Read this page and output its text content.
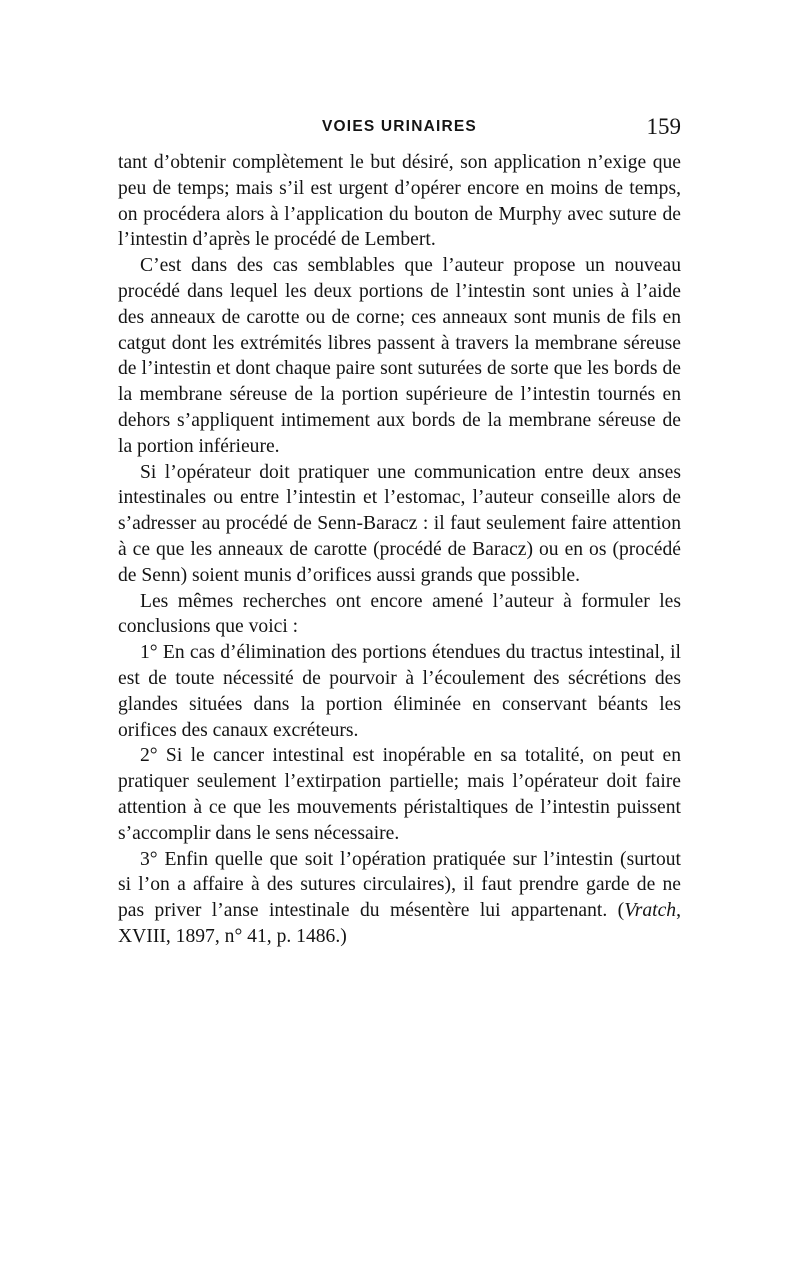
VOIES URINAIRES	159

tant d’obtenir complètement le but désiré, son application n’exige que peu de temps; mais s’il est urgent d’opérer encore en moins de temps, on procédera alors à l’application du bouton de Murphy avec suture de l’intestin d’après le procédé de Lembert.

C’est dans des cas semblables que l’auteur propose un nouveau procédé dans lequel les deux portions de l’intestin sont unies à l’aide des anneaux de carotte ou de corne; ces anneaux sont munis de fils en catgut dont les extrémités libres passent à travers la membrane séreuse de l’intestin et dont chaque paire sont suturées de sorte que les bords de la membrane séreuse de la portion supérieure de l’intestin tournés en dehors s’appliquent intimement aux bords de la membrane séreuse de la portion inférieure.

Si l’opérateur doit pratiquer une communication entre deux anses intestinales ou entre l’intestin et l’estomac, l’auteur conseille alors de s’adresser au procédé de Senn-Baracz : il faut seulement faire attention à ce que les anneaux de carotte (procédé de Baracz) ou en os (procédé de Senn) soient munis d’orifices aussi grands que possible.

Les mêmes recherches ont encore amené l’auteur à formuler les conclusions que voici :

1° En cas d’élimination des portions étendues du tractus intestinal, il est de toute nécessité de pourvoir à l’écoulement des sécrétions des glandes situées dans la portion éliminée en conservant béants les orifices des canaux excréteurs.

2° Si le cancer intestinal est inopérable en sa totalité, on peut en pratiquer seulement l’extirpation partielle; mais l’opérateur doit faire attention à ce que les mouvements péristaltiques de l’intestin puissent s’accomplir dans le sens nécessaire.

3° Enfin quelle que soit l’opération pratiquée sur l’intestin (surtout si l’on a affaire à des sutures circulaires), il faut prendre garde de ne pas priver l’anse intestinale du mésentère lui appartenant. (Vratch, XVIII, 1897, n° 41, p. 1486.)
